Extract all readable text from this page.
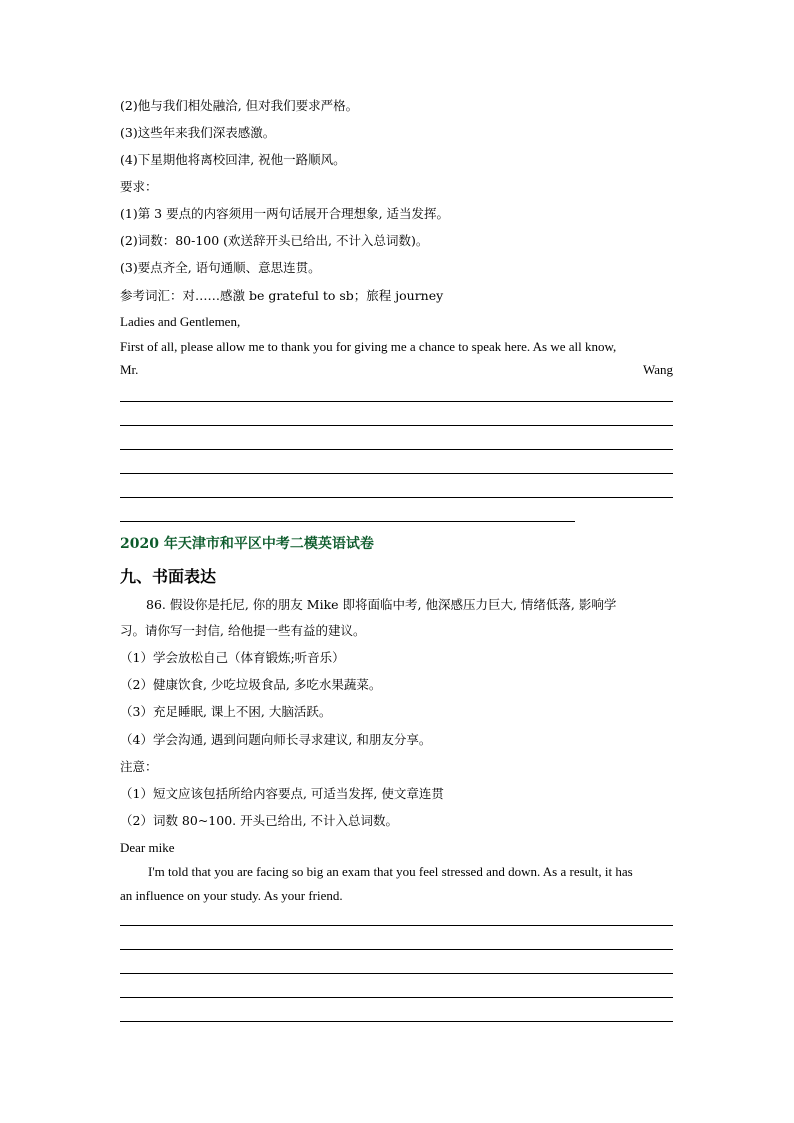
(2)他与我们相处融洽, 但对我们要求严格。
(3)这些年来我们深表感激。
(4)下星期他将离校回津, 祝他一路顺风。
要求：
(1)第 3 要点的内容须用一两句话展开合理想象, 适当发挥。
(2)词数：80-100 (欢送辞开头已给出, 不计入总词数)。
(3)要点齐全, 语句通顺、意思连贯。
参考词汇：对……感激 be grateful to sb；旅程 journey
Ladies and Gentlemen,
First of all, please allow me to thank you for giving me a chance to speak here. As we all know,
Mr.	Wang
2020 年天津市和平区中考二模英语试卷
九、书面表达
86. 假设你是托尼, 你的朋友 Mike 即将面临中考, 他深感压力巨大, 情绪低落, 影响学
习。请你写一封信, 给他提一些有益的建议。
（1）学会放松自己（体育锻炼;听音乐）
（2）健康饮食, 少吃垃圾食品, 多吃水果蔬菜。
（3）充足睡眠, 课上不困, 大脑活跃。
（4）学会沟通, 遇到问题向师长寻求建议, 和朋友分享。
注意：
（1）短文应该包括所给内容要点, 可适当发挥, 使文章连贯
（2）词数 80~100. 开头已给出, 不计入总词数。
Dear mike
I'm told that you are facing so big an exam that you feel stressed and down. As a result, it has
an influence on your study. As your friend.
